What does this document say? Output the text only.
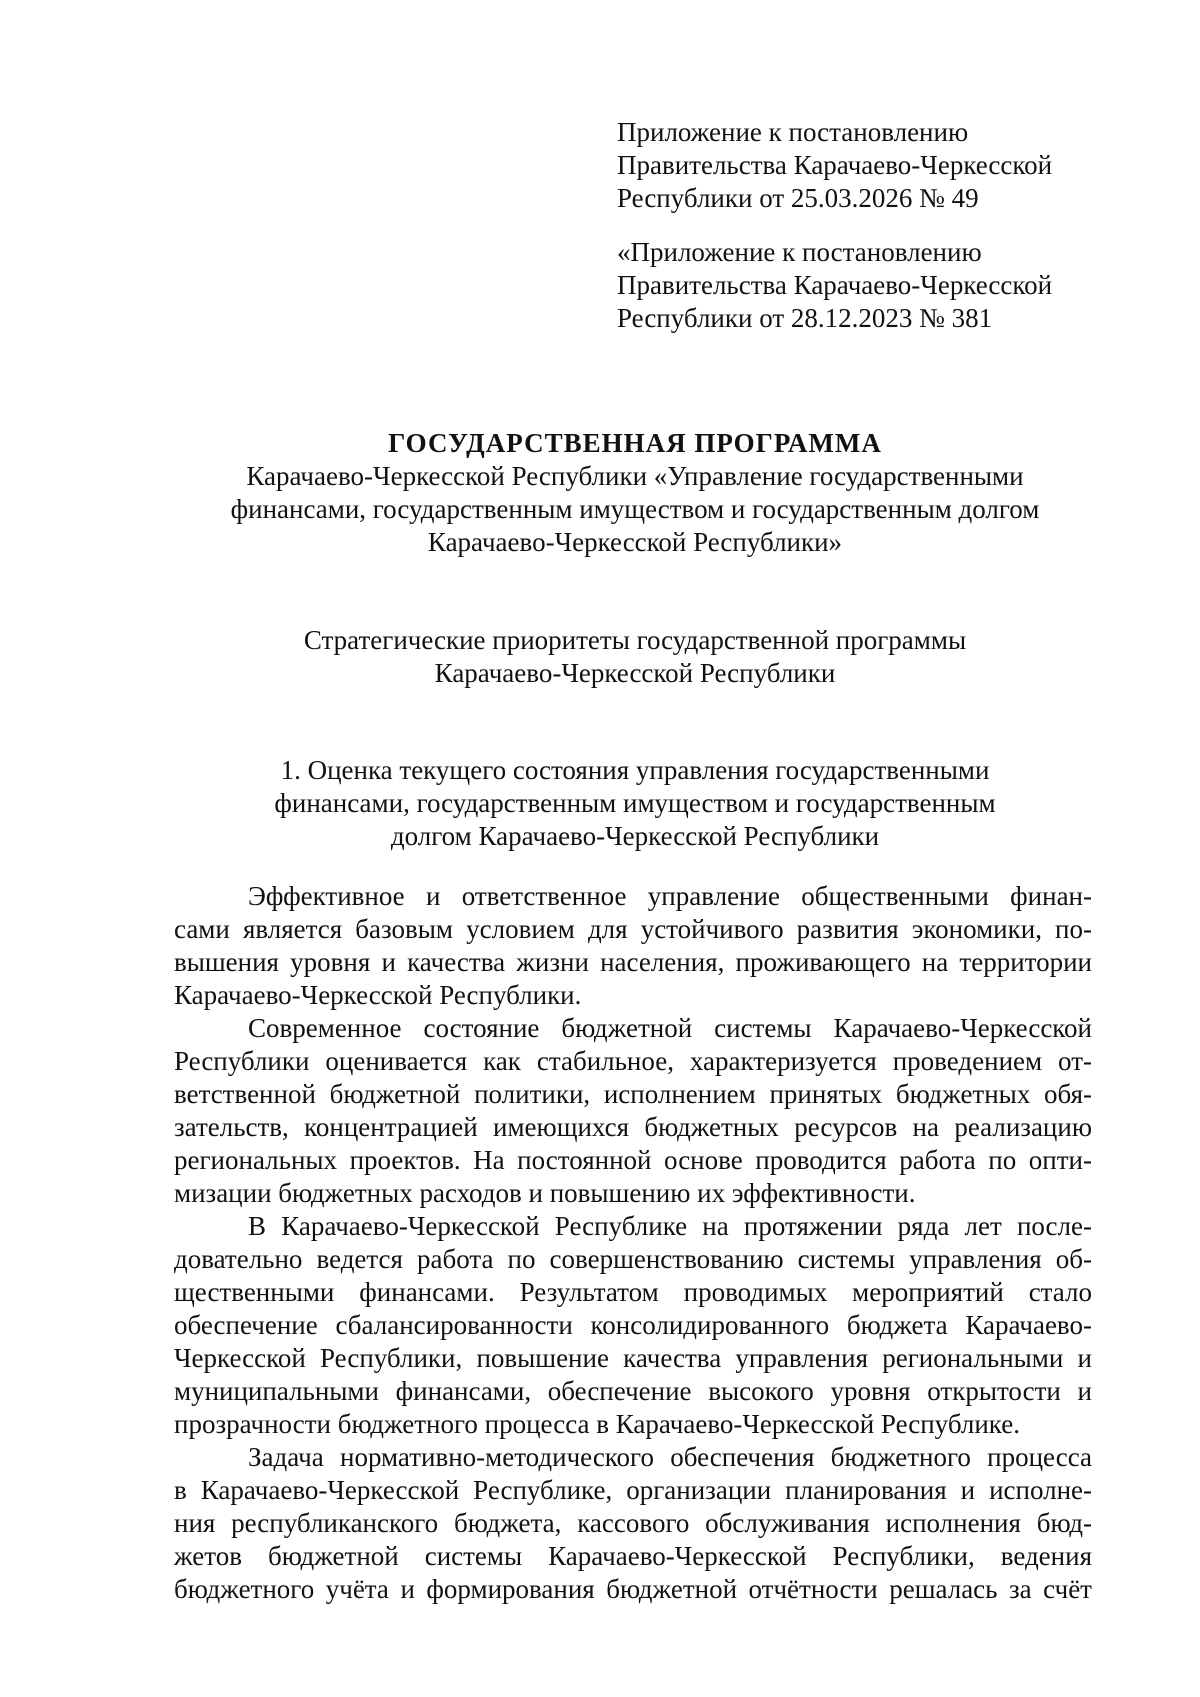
Приложение к постановлению
Правительства Карачаево-Черкесской
Республики от 25.03.2026 № 49
«Приложение к постановлению
Правительства Карачаево-Черкесской
Республики от 28.12.2023 № 381
ГОСУДАРСТВЕННАЯ ПРОГРАММА
Карачаево-Черкесской Республики «Управление государственными
финансами, государственным имуществом и государственным долгом
Карачаево-Черкесской Республики»
Стратегические приоритеты государственной программы
Карачаево-Черкесской Республики
1. Оценка текущего состояния управления государственными
финансами, государственным имуществом и государственным
долгом Карачаево-Черкесской Республики
Эффективное и ответственное управление общественными финан-
сами является базовым условием для устойчивого развития экономики, по-
вышения уровня и качества жизни населения, проживающего на территории
Карачаево-Черкесской Республики.
Современное состояние бюджетной системы Карачаево-Черкесской
Республики оценивается как стабильное, характеризуется проведением от-
ветственной бюджетной политики, исполнением принятых бюджетных обя-
зательств, концентрацией имеющихся бюджетных ресурсов на реализацию
региональных проектов. На постоянной основе проводится работа по опти-
мизации бюджетных расходов и повышению их эффективности.
В Карачаево-Черкесской Республике на протяжении ряда лет после-
довательно ведется работа по совершенствованию системы управления об-
щественными финансами. Результатом проводимых мероприятий стало
обеспечение сбалансированности консолидированного бюджета Карачаево-
Черкесской Республики, повышение качества управления региональными и
муниципальными финансами, обеспечение высокого уровня открытости и
прозрачности бюджетного процесса в Карачаево-Черкесской Республике.
Задача нормативно-методического обеспечения бюджетного процесса
в Карачаево-Черкесской Республике, организации планирования и исполне-
ния республиканского бюджета, кассового обслуживания исполнения бюд-
жетов бюджетной системы Карачаево-Черкесской Республики, ведения
бюджетного учёта и формирования бюджетной отчётности решалась за счёт
